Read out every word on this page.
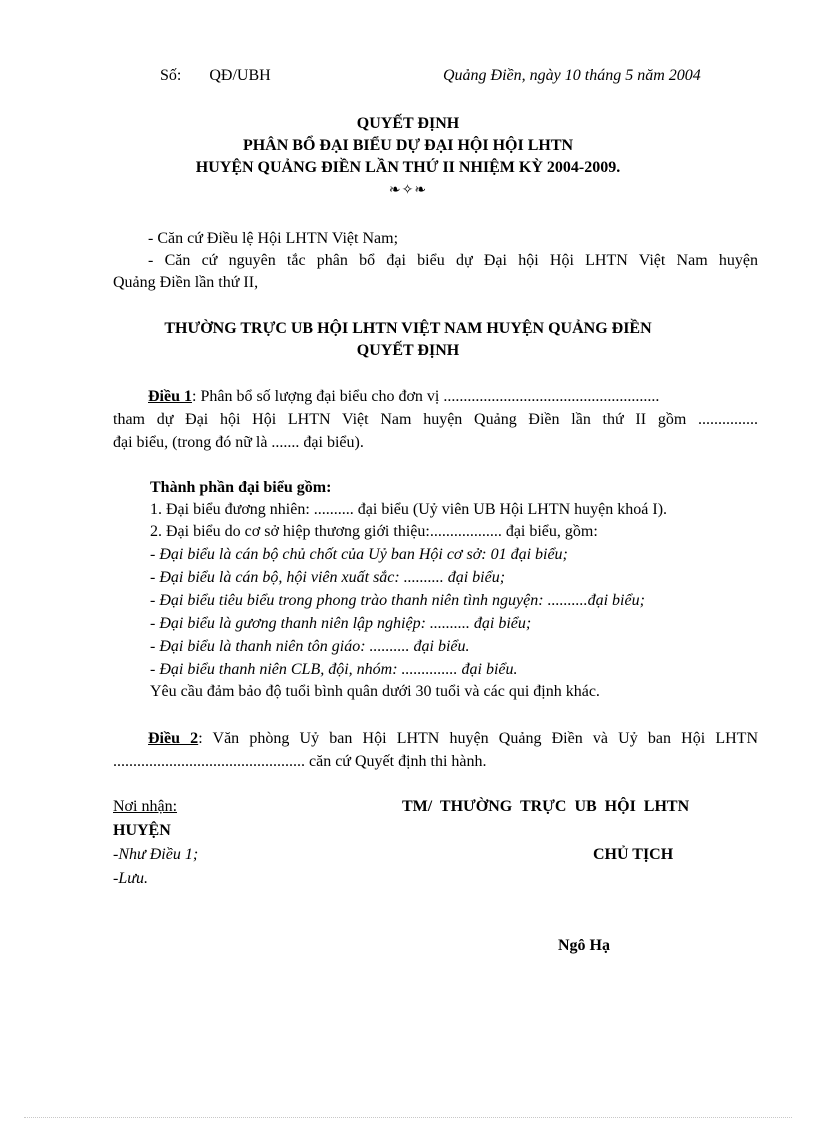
Số: QĐ/UBH	Quảng Điền, ngày 10 tháng 5 năm 2004
QUYẾT ĐỊNH
PHÂN BỔ ĐẠI BIỂU DỰ ĐẠI HỘI HỘI LHTN
HUYỆN QUẢNG ĐIỀN LẦN THỨ II NHIỆM KỲ 2004-2009.
❧✧❧
- Căn cứ Điều lệ Hội LHTN Việt Nam;
- Căn cứ nguyên tắc phân bổ đại biểu dự Đại hội Hội LHTN Việt Nam huyện
Quảng Điền lần thứ II,
THƯỜNG TRỰC UB HỘI LHTN VIỆT NAM HUYỆN QUẢNG ĐIỀN
QUYẾT ĐỊNH
Điều 1: Phân bổ số lượng đại biểu cho đơn vị ......................................................
tham dự Đại hội Hội LHTN Việt Nam huyện Quảng Điền lần thứ II gồm ...............
đại biểu, (trong đó nữ là ....... đại biểu).
Thành phần đại biểu gồm:
1. Đại biểu đương nhiên: .......... đại biểu (Uỷ viên UB Hội LHTN huyện khoá I).
2. Đại biểu do cơ sở hiệp thương giới thiệu:.................. đại biểu, gồm:
- Đại biểu là cán bộ chủ chốt của Uỷ ban Hội cơ sở: 01 đại biểu;
- Đại biểu là cán bộ, hội viên xuất sắc: .......... đại biểu;
- Đại biểu tiêu biểu trong phong trào thanh niên tình nguyện: ..........đại biểu;
- Đại biểu là gương thanh niên lập nghiệp: .......... đại biểu;
- Đại biểu là thanh niên tôn giáo: .......... đại biểu.
- Đại biểu thanh niên CLB, đội, nhóm: .............. đại biểu.
Yêu cầu đảm bảo độ tuổi bình quân dưới 30 tuổi và các qui định khác.
Điều 2: Văn phòng Uỷ ban Hội LHTN huyện Quảng Điền và Uỷ ban Hội LHTN
................................................ căn cứ Quyết định thi hành.
Nơi nhận:
-Như Điều 1;
-Lưu.
TM/  THƯỜNG  TRỰC  UB  HỘI  LHTN
HUYỆN
CHỦ TỊCH
Ngô Hạ
